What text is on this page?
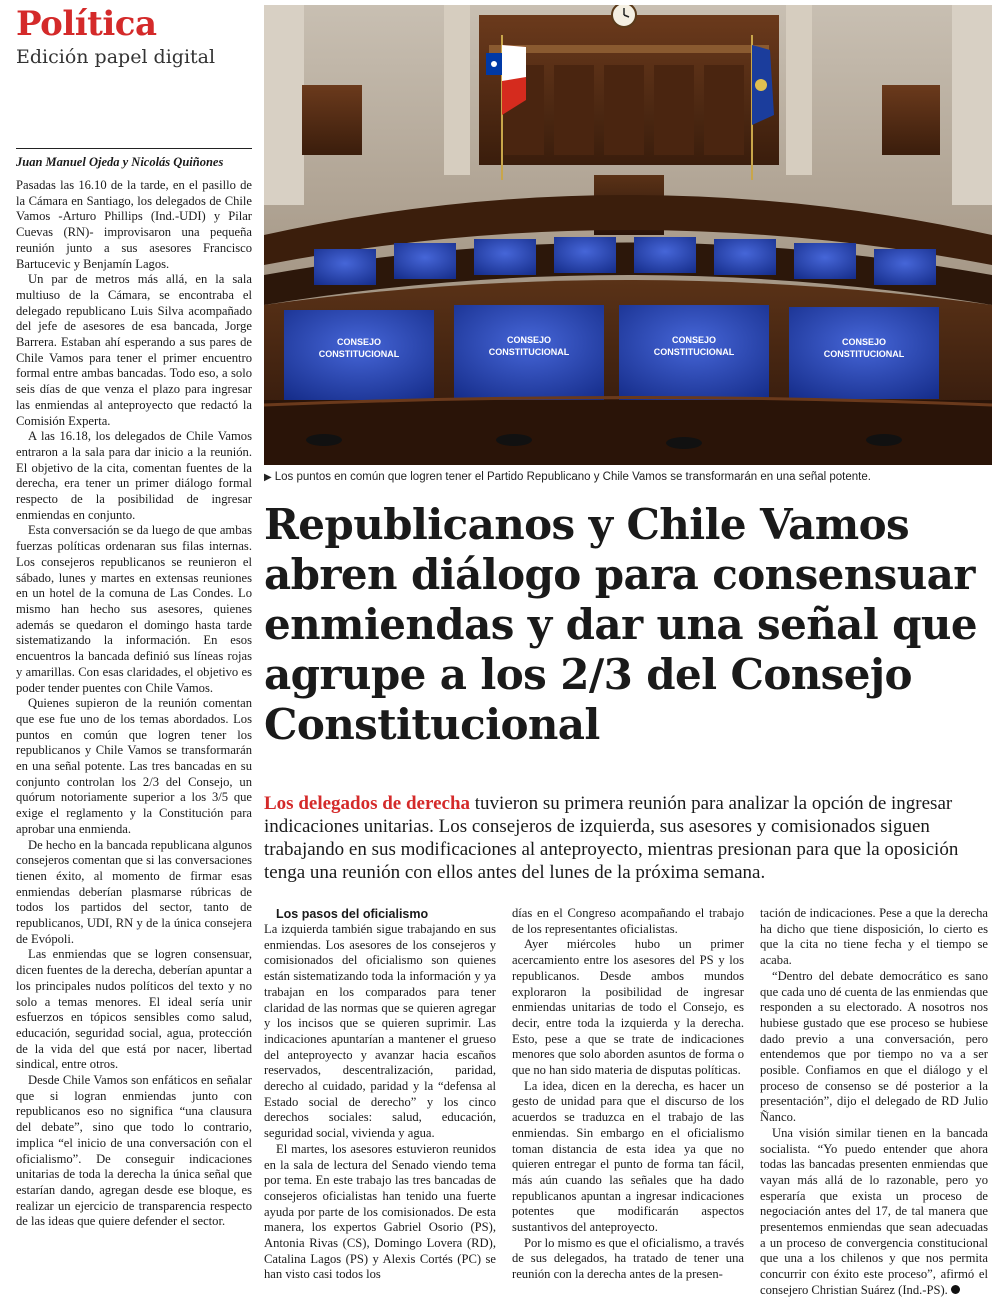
Política
Edición papel digital
Juan Manuel Ojeda y Nicolás Quiñones

Pasadas las 16.10 de la tarde, en el pasillo de la Cámara en Santiago, los delegados de Chile Vamos -Arturo Phillips (Ind.-UDI) y Pilar Cuevas (RN)- improvisaron una pequeña reunión junto a sus asesores Francisco Bartucevic y Benjamín Lagos.

Un par de metros más allá, en la sala multiuso de la Cámara, se encontraba el delegado republicano Luis Silva acompañado del jefe de asesores de esa bancada, Jorge Barrera. Estaban ahí esperando a sus pares de Chile Vamos para tener el primer encuentro formal entre ambas bancadas. Todo eso, a solo seis días de que venza el plazo para ingresar las enmiendas al anteproyecto que redactó la Comisión Experta.

A las 16.18, los delegados de Chile Vamos entraron a la sala para dar inicio a la reunión. El objetivo de la cita, comentan fuentes de la derecha, era tener un primer diálogo formal respecto de la posibilidad de ingresar enmiendas en conjunto.

Esta conversación se da luego de que ambas fuerzas políticas ordenaran sus filas internas. Los consejeros republicanos se reunieron el sábado, lunes y martes en extensas reuniones en un hotel de la comuna de Las Condes. Lo mismo han hecho sus asesores, quienes además se quedaron el domingo hasta tarde sistematizando la información. En esos encuentros la bancada definió sus líneas rojas y amarillas. Con esas claridades, el objetivo es poder tender puentes con Chile Vamos.

Quienes supieron de la reunión comentan que ese fue uno de los temas abordados. Los puntos en común que logren tener los republicanos y Chile Vamos se transformarán en una señal potente. Las tres bancadas en su conjunto controlan los 2/3 del Consejo, un quórum notoriamente superior a los 3/5 que exige el reglamento y la Constitución para aprobar una enmienda.

De hecho en la bancada republicana algunos consejeros comentan que si las conversaciones tienen éxito, al momento de firmar esas enmiendas deberían plasmarse rúbricas de todos los partidos del sector, tanto de republicanos, UDI, RN y de la única consejera de Evópoli.

Las enmiendas que se logren consensuar, dicen fuentes de la derecha, deberían apuntar a los principales nudos políticos del texto y no solo a temas menores. El ideal sería unir esfuerzos en tópicos sensibles como salud, educación, seguridad social, agua, protección de la vida del que está por nacer, libertad sindical, entre otros.

Desde Chile Vamos son enfáticos en señalar que si logran enmiendas junto con republicanos eso no significa “una clausura del debate”, sino que todo lo contrario, implica “el inicio de una conversación con el oficialismo”. De conseguir indicaciones unitarias de toda la derecha la única señal que estarían dando, agregan desde ese bloque, es realizar un ejercicio de transparencia respecto de las ideas que quiere defender el sector.

CONSEJO
CONSTITUCIONAL
CONSEJO
CONSTITUCIONAL
CONSEJO
CONSTITUCIONAL
CONSEJO
CONSTITUCIONAL
▶ Los puntos en común que logren tener el Partido Republicano y Chile Vamos se transformarán en una señal potente.
Republicanos y Chile Vamos abren diálogo para consensuar enmiendas y dar una señal que agrupe a los 2/3 del Consejo Constitucional
Los delegados de derecha tuvieron su primera reunión para analizar la opción de ingresar indicaciones unitarias. Los consejeros de izquierda, sus asesores y comisionados siguen trabajando en sus modificaciones al anteproyecto, mientras presionan para que la oposición tenga una reunión con ellos antes del lunes de la próxima semana.

Los pasos del oficialismo

La izquierda también sigue trabajando en sus enmiendas. Los asesores de los consejeros y comisionados del oficialismo son quienes están sistematizando toda la información y ya trabajan en los comparados para tener claridad de las normas que se quieren agregar y los incisos que se quieren suprimir. Las indicaciones apuntarían a mantener el grueso del anteproyecto y avanzar hacia escaños reservados, descentralización, paridad, derecho al cuidado, paridad y la “defensa al Estado social de derecho” y los cinco derechos sociales: salud, educación, seguridad social, vivienda y agua.

El martes, los asesores estuvieron reunidos en la sala de lectura del Senado viendo tema por tema. En este trabajo las tres bancadas de consejeros oficialistas han tenido una fuerte ayuda por parte de los comisionados. De esta manera, los expertos Gabriel Osorio (PS), Antonia Rivas (CS), Domingo Lovera (RD), Catalina Lagos (PS) y Alexis Cortés (PC) se han visto casi todos los

días en el Congreso acompañando el trabajo de los representantes oficialistas.

Ayer miércoles hubo un primer acercamiento entre los asesores del PS y los republicanos. Desde ambos mundos exploraron la posibilidad de ingresar enmiendas unitarias de todo el Consejo, es decir, entre toda la izquierda y la derecha. Esto, pese a que se trate de indicaciones menores que solo aborden asuntos de forma o que no han sido materia de disputas políticas.

La idea, dicen en la derecha, es hacer un gesto de unidad para que el discurso de los acuerdos se traduzca en el trabajo de las enmiendas. Sin embargo en el oficialismo toman distancia de esta idea ya que no quieren entregar el punto de forma tan fácil, más aún cuando las señales que ha dado republicanos apuntan a ingresar indicaciones potentes que modificarán aspectos sustantivos del anteproyecto.

Por lo mismo es que el oficialismo, a través de sus delegados, ha tratado de tener una reunión con la derecha antes de la presen-

tación de indicaciones. Pese a que la derecha ha dicho que tiene disposición, lo cierto es que la cita no tiene fecha y el tiempo se acaba.

“Dentro del debate democrático es sano que cada uno dé cuenta de las enmiendas que responden a su electorado. A nosotros nos hubiese gustado que ese proceso se hubiese dado previo a una conversación, pero entendemos que por tiempo no va a ser posible. Confiamos en que el diálogo y el proceso de consenso se dé posterior a la presentación”, dijo el delegado de RD Julio Ñanco.

Una visión similar tienen en la bancada socialista. “Yo puedo entender que ahora todas las bancadas presenten enmiendas que vayan más allá de lo razonable, pero yo esperaría que exista un proceso de negociación antes del 17, de tal manera que presentemos enmiendas que sean adecuadas a un proceso de convergencia constitucional que una a los chilenos y que nos permita concurrir con éxito este proceso”, afirmó el consejero Christian Suárez (Ind.-PS).
